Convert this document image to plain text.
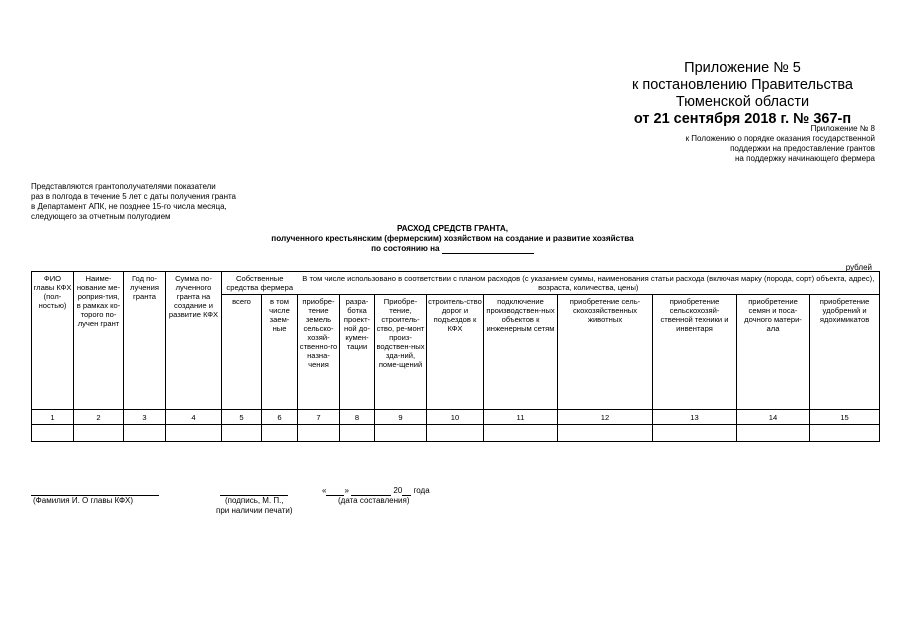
Приложение № 5
к постановлению Правительства
Тюменской области
от 21 сентября 2018 г. № 367-п
Приложение № 8
к Положению о порядке оказания государственной
поддержки на предоставление грантов
на поддержку начинающего фермера
Представляются грантополучателями показатели
раз в полгода в течение 5 лет с даты получения гранта
в Департамент АПК, не позднее 15-го числа месяца,
следующего за отчетным полугодием
РАСХОД СРЕДСТВ ГРАНТА,
полученного крестьянским (фермерским) хозяйством на создание и развитие хозяйства
по состоянию на
рублей
ФИО главы КФХ (пол-ностью)	Наиме-нование ме-роприя-тия, в рамках ко-торого по-лучен грант	Год по-лучения гранта	Сумма по-лученного гранта на создание и развитие КФХ	Собственные средства фермера		В том числе использовано в соответствии с планом расходов (с указанием суммы, наименования статьи расхода (включая марку (порода, сорт) объекта, адрес), возраста, количества, цены)								
				всего	в том числе заем-ные	приобре-тение земель сельско-хозяй-ственно-го назна-чения	разра-ботка проект-ной до-кумен-тации	Приобре-тение, строитель-ство, ре-монт произ-водствен-ных зда-ний, поме-щений	строитель-ство дорог и подъездов к КФХ	подключение производствен-ных объектов к инженерным сетям	приобретение сель-скохозяйственных животных	приобретение сельскохозяй-ственной техники и инвентаря	приобретение семян и поса-дочного матери-ала	приобретение удобрений и ядохимикатов
1	2	3	4	5	6	7	8	9	10	11	12	13	14	15

(Фамилия И. О главы КФХ)	(подпись, М. П.,
при наличии печати)
« »	20 года
(дата составления)
